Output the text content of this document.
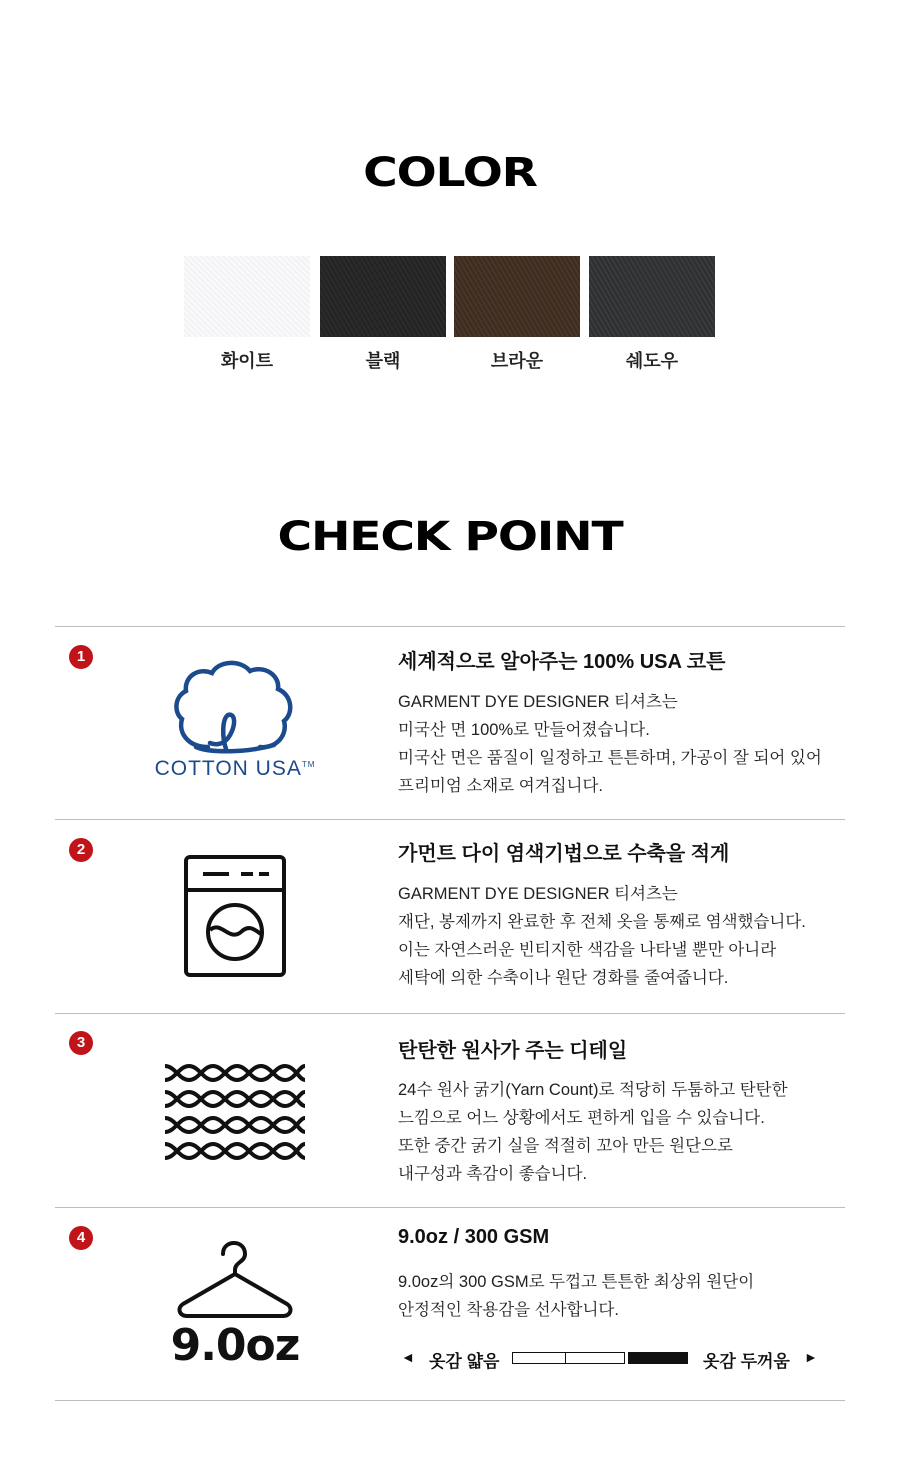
COLOR
화이트	블랙	브라운	쉐도우
CHECK POINT
1
COTTON USA™
세계적으로 알아주는 100% USA 코튼
GARMENT DYE DESIGNER 티셔츠는
미국산 면 100%로 만들어졌습니다.
미국산 면은 품질이 일정하고 튼튼하며, 가공이 잘 되어 있어
프리미엄 소재로 여겨집니다.
2	가먼트 다이 염색기법으로 수축을 적게
GARMENT DYE DESIGNER 티셔츠는
재단, 봉제까지 완료한 후 전체 옷을 통째로 염색했습니다.
이는 자연스러운 빈티지한 색감을 나타낼 뿐만 아니라
세탁에 의한 수축이나 원단 경화를 줄여줍니다.
3	탄탄한 원사가 주는 디테일
24수 원사 굵기(Yarn Count)로 적당히 두툼하고 탄탄한
느낌으로 어느 상황에서도 편하게 입을 수 있습니다.
또한 중간 굵기 실을 적절히 꼬아 만든 원단으로
내구성과 촉감이 좋습니다.
4
9.0oz
9.0oz / 300 GSM
9.0oz의 300 GSM로 두껍고 튼튼한 최상위 원단이
안정적인 착용감을 선사합니다.
◄ 옷감 얇음	옷감 두꺼움 ►
